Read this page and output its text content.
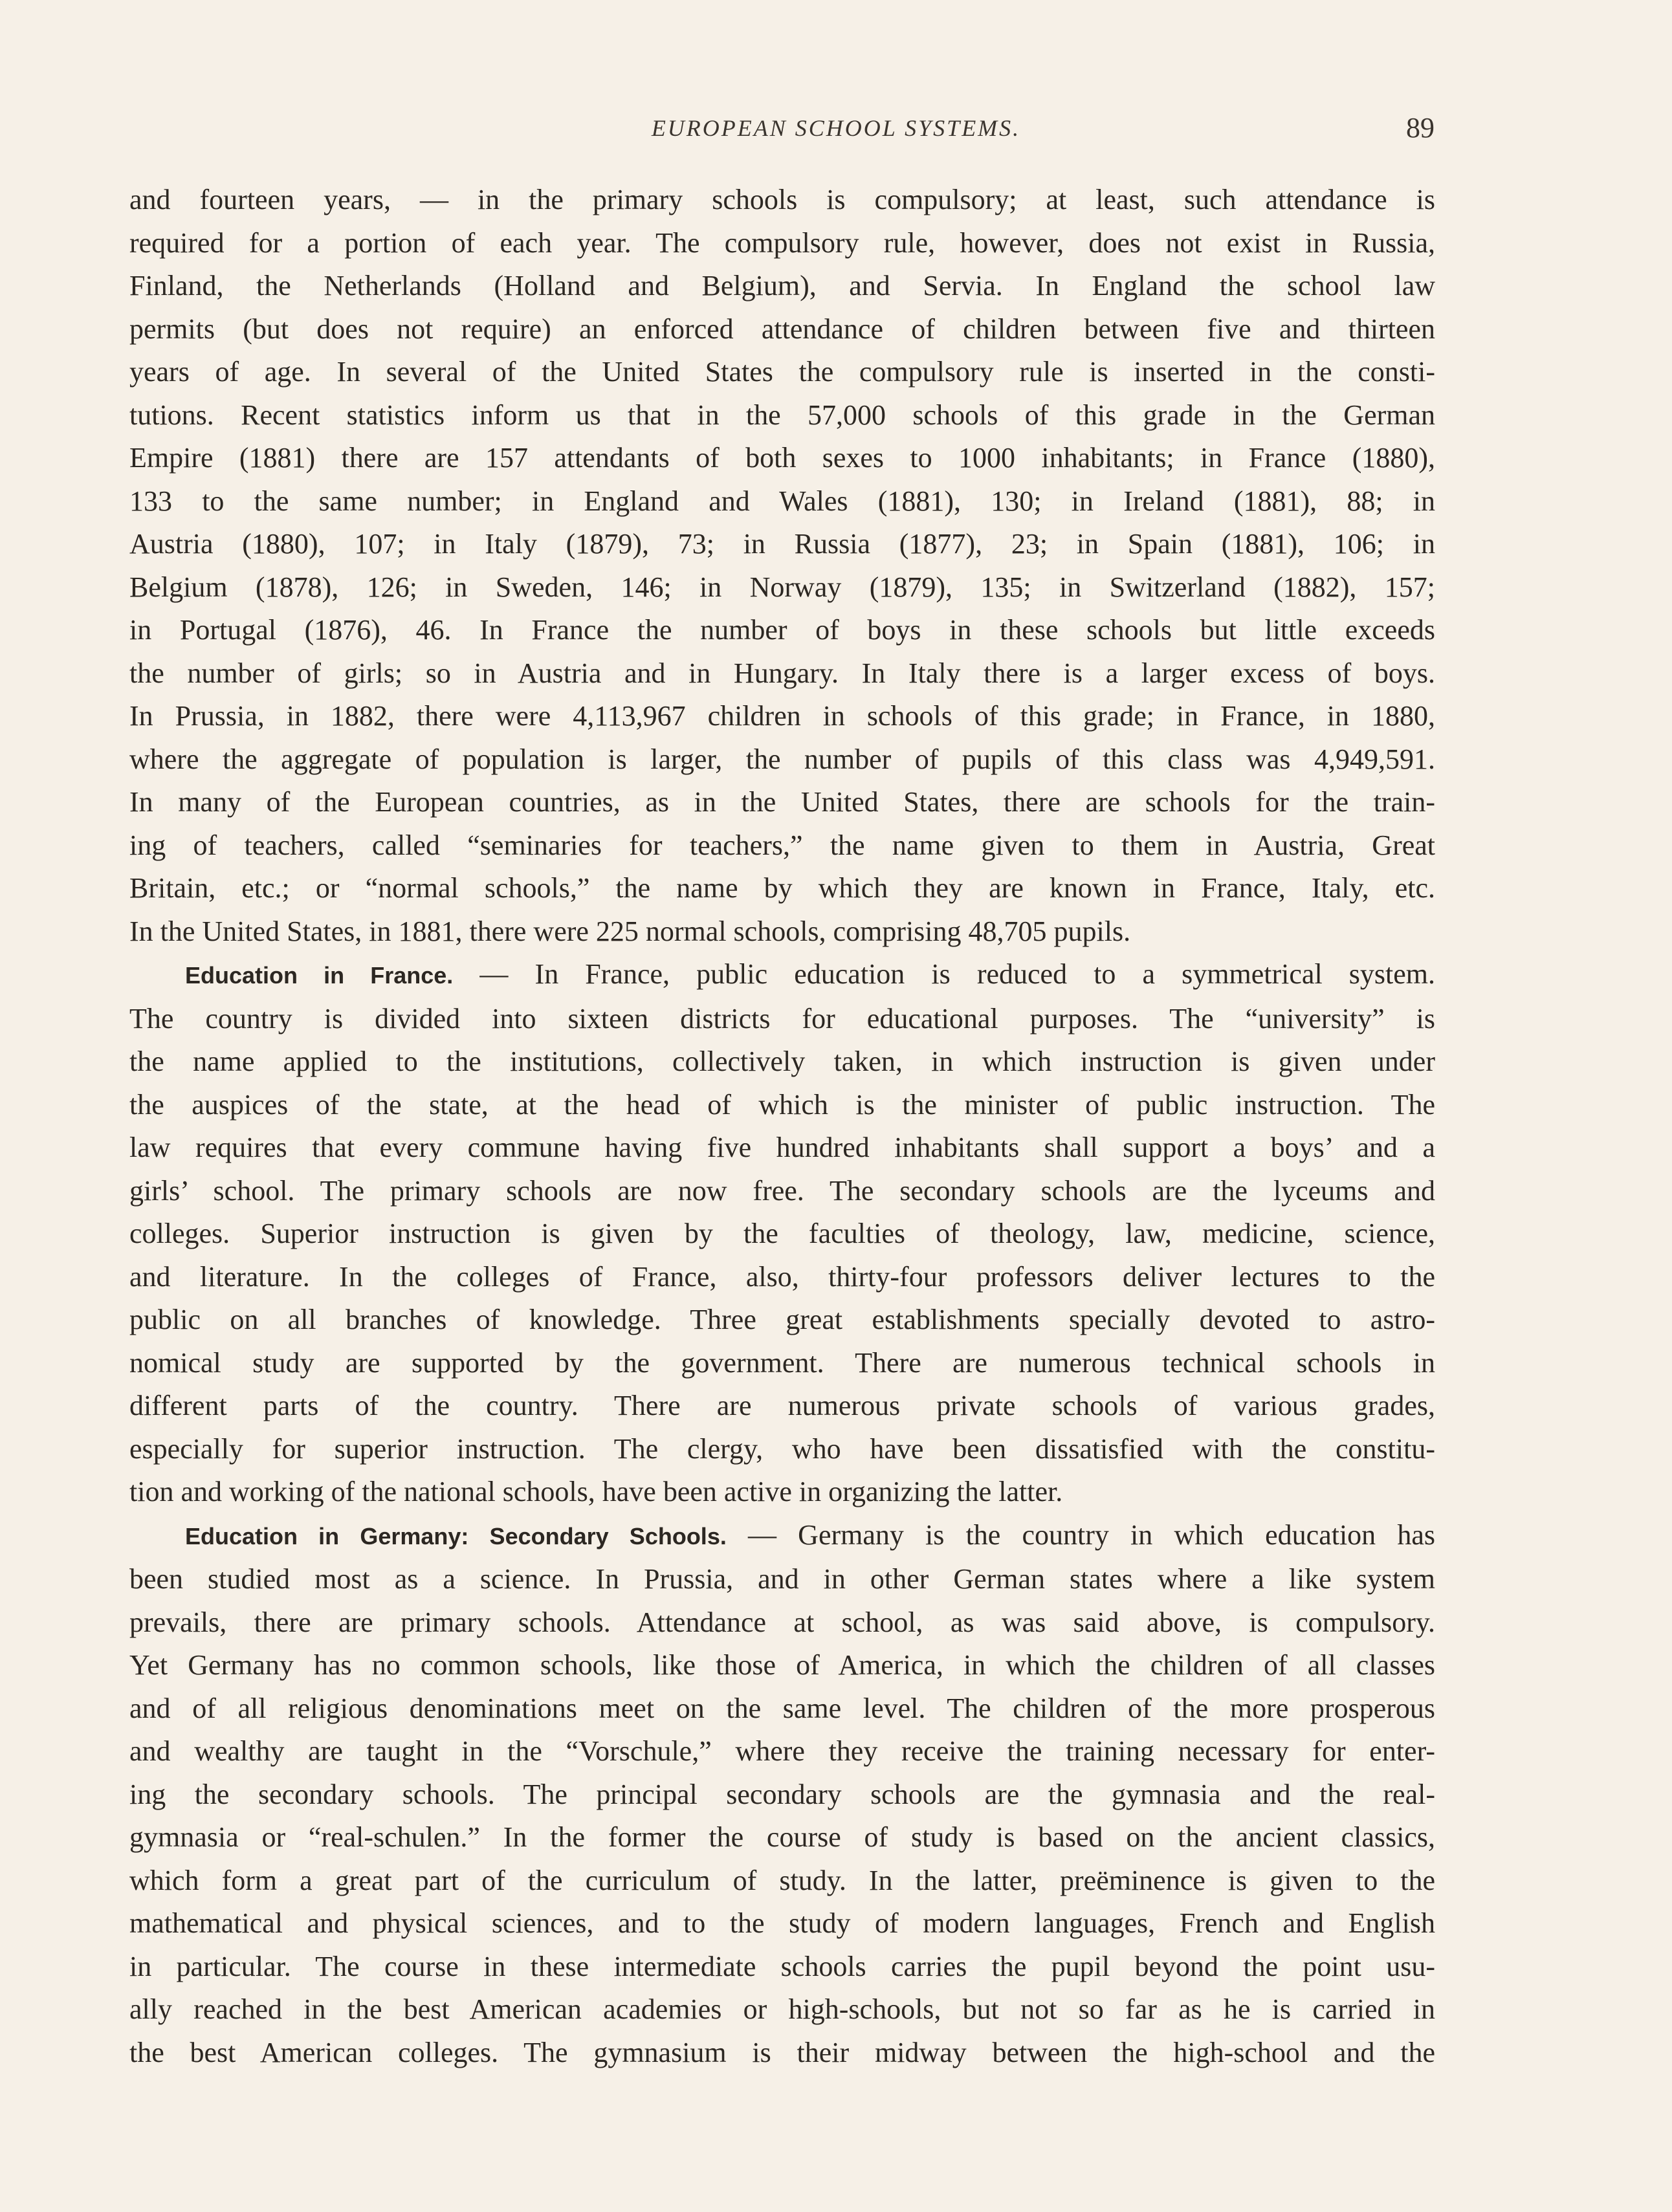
EUROPEAN SCHOOL SYSTEMS.	89
and fourteen years, — in the primary schools is compulsory; at least, such attendance is
required for a portion of each year. The compulsory rule, however, does not exist in Russia,
Finland, the Netherlands (Holland and Belgium), and Servia. In England the school law
permits (but does not require) an enforced attendance of children between five and thirteen
years of age. In several of the United States the compulsory rule is inserted in the consti-
tutions. Recent statistics inform us that in the 57,000 schools of this grade in the German
Empire (1881) there are 157 attendants of both sexes to 1000 inhabitants; in France (1880),
133 to the same number; in England and Wales (1881), 130; in Ireland (1881), 88; in
Austria (1880), 107; in Italy (1879), 73; in Russia (1877), 23; in Spain (1881), 106; in
Belgium (1878), 126; in Sweden, 146; in Norway (1879), 135; in Switzerland (1882), 157;
in Portugal (1876), 46. In France the number of boys in these schools but little exceeds
the number of girls; so in Austria and in Hungary. In Italy there is a larger excess of boys.
In Prussia, in 1882, there were 4,113,967 children in schools of this grade; in France, in 1880,
where the aggregate of population is larger, the number of pupils of this class was 4,949,591.
In many of the European countries, as in the United States, there are schools for the train-
ing of teachers, called “seminaries for teachers,” the name given to them in Austria, Great
Britain, etc.; or “normal schools,” the name by which they are known in France, Italy, etc.
In the United States, in 1881, there were 225 normal schools, comprising 48,705 pupils.
Education in France. — In France, public education is reduced to a symmetrical system.
The country is divided into sixteen districts for educational purposes. The “university” is
the name applied to the institutions, collectively taken, in which instruction is given under
the auspices of the state, at the head of which is the minister of public instruction. The
law requires that every commune having five hundred inhabitants shall support a boys’ and a
girls’ school. The primary schools are now free. The secondary schools are the lyceums and
colleges. Superior instruction is given by the faculties of theology, law, medicine, science,
and literature. In the colleges of France, also, thirty-four professors deliver lectures to the
public on all branches of knowledge. Three great establishments specially devoted to astro-
nomical study are supported by the government. There are numerous technical schools in
different parts of the country. There are numerous private schools of various grades,
especially for superior instruction. The clergy, who have been dissatisfied with the constitu-
tion and working of the national schools, have been active in organizing the latter.
Education in Germany: Secondary Schools. — Germany is the country in which education has
been studied most as a science. In Prussia, and in other German states where a like system
prevails, there are primary schools. Attendance at school, as was said above, is compulsory.
Yet Germany has no common schools, like those of America, in which the children of all classes
and of all religious denominations meet on the same level. The children of the more prosperous
and wealthy are taught in the “Vorschule,” where they receive the training necessary for enter-
ing the secondary schools. The principal secondary schools are the gymnasia and the real-
gymnasia or “real-schulen.” In the former the course of study is based on the ancient classics,
which form a great part of the curriculum of study. In the latter, preëminence is given to the
mathematical and physical sciences, and to the study of modern languages, French and English
in particular. The course in these intermediate schools carries the pupil beyond the point usu-
ally reached in the best American academies or high-schools, but not so far as he is carried in
the best American colleges. The gymnasium is their midway between the high-school and the
